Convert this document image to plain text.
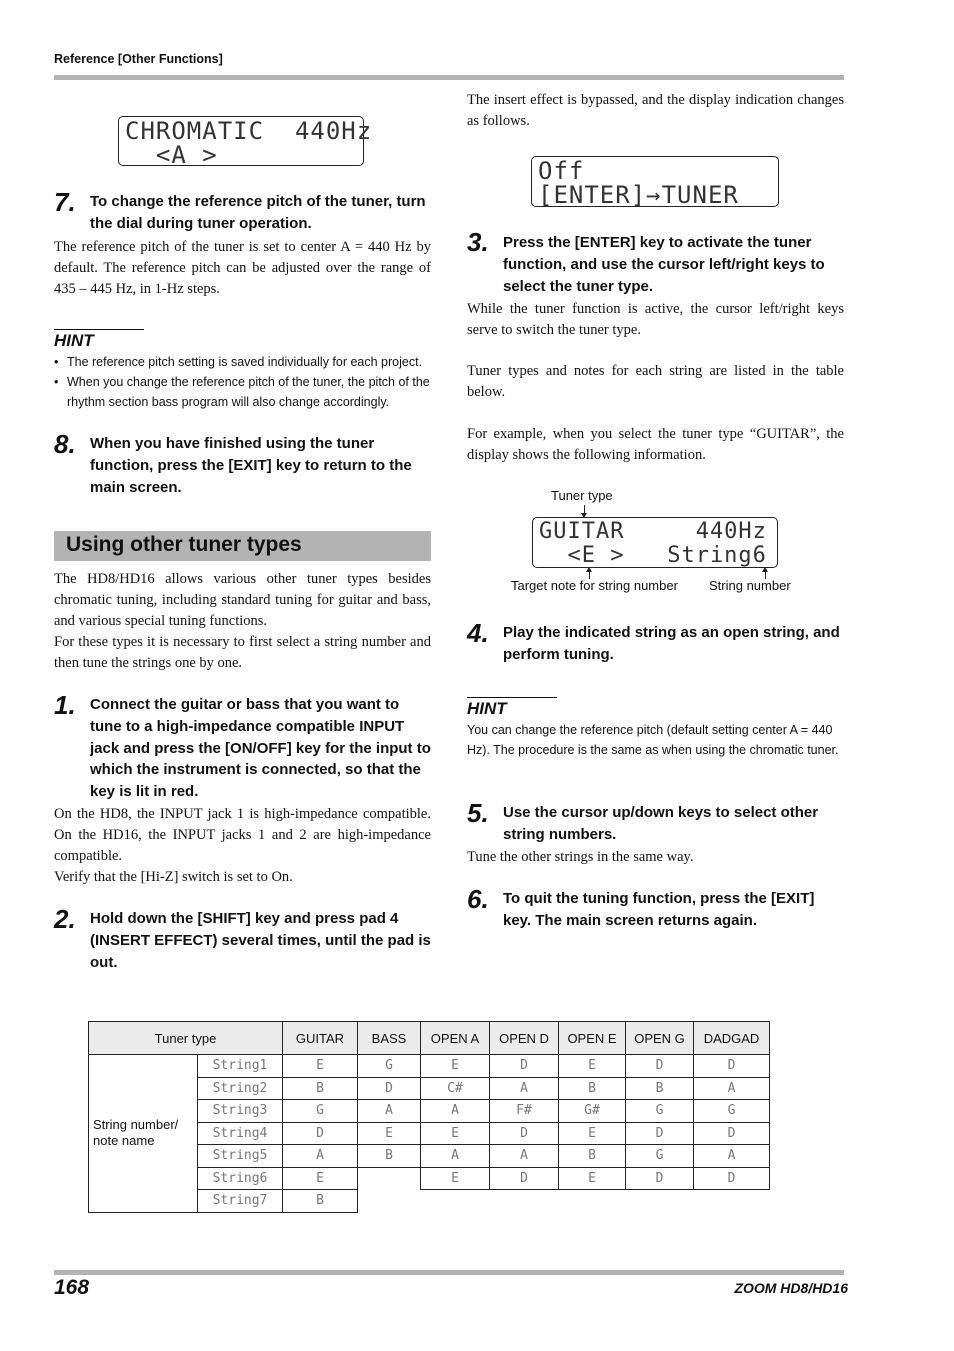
Reference [Other Functions]
CHROMATIC  440Hz
<A >
7. To change the reference pitch of the tuner, turn the dial during tuner operation.
The reference pitch of the tuner is set to center A = 440 Hz by default. The reference pitch can be adjusted over the range of 435 – 445 Hz, in 1-Hz steps.
HINT
• The reference pitch setting is saved individually for each project.
• When you change the reference pitch of the tuner, the pitch of the rhythm section bass program will also change accordingly.
8. When you have finished using the tuner function, press the [EXIT] key to return to the main screen.
Using other tuner types
The HD8/HD16 allows various other tuner types besides chromatic tuning, including standard tuning for guitar and bass, and various special tuning functions.
For these types it is necessary to first select a string number and then tune the strings one by one.
1. Connect the guitar or bass that you want to tune to a high-impedance compatible INPUT jack and press the [ON/OFF] key for the input to which the instrument is connected, so that the key is lit in red.
On the HD8, the INPUT jack 1 is high-impedance compatible. On the HD16, the INPUT jacks 1 and 2 are high-impedance compatible.
Verify that the [Hi-Z] switch is set to On.
2. Hold down the [SHIFT] key and press pad 4 (INSERT EFFECT) several times, until the pad is out.
The insert effect is bypassed, and the display indication changes as follows.
Off
[ENTER]→TUNER
3. Press the [ENTER] key to activate the tuner function, and use the cursor left/right keys to select the tuner type.
While the tuner function is active, the cursor left/right keys serve to switch the tuner type.
Tuner types and notes for each string are listed in the table below.
For example, when you select the tuner type “GUITAR”, the display shows the following information.
Tuner type
GUITAR     440Hz
<E >   String6
Target note for string number String number
4. Play the indicated string as an open string, and perform tuning.
HINT
You can change the reference pitch (default setting center A = 440 Hz). The procedure is the same as when using the chromatic tuner.
5. Use the cursor up/down keys to select other string numbers.
Tune the other strings in the same way.
6. To quit the tuning function, press the [EXIT] key. The main screen returns again.
Tuner type		GUITAR	BASS	OPEN A	OPEN D	OPEN E	OPEN G	DADGAD
String number/ note name	String1	E	G	E	D	E	D	D
	String2	B	D	C#	A	B	B	A
	String3	G	A	A	F#	G#	G	G
	String4	D	E	E	D	E	D	D
	String5	A	B	A	A	B	G	A
	String6	E		E	D	E	D	D
	String7	B						
168	ZOOM HD8/HD16
